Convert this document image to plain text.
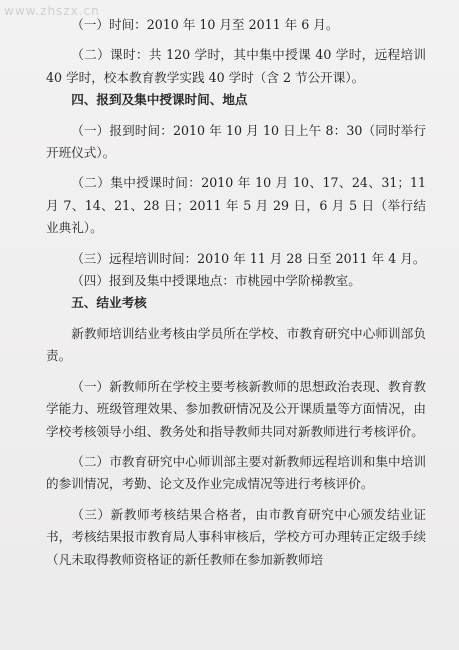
www.zhszx.cn

（一）时间：2010 年 10 月至 2011 年 6 月。

（二）课时：共 120 学时，其中集中授课 40 学时，远程培训 40 学时，校本教育教学实践 40 学时（含 2 节公开课）。

四、报到及集中授课时间、地点

（一）报到时间：2010 年 10 月 10 日上午 8：30（同时举行开班仪式）。

（二）集中授课时间：2010 年 10 月 10、17、24、31；11 月 7、14、21、28 日；2011 年 5 月 29 日，6 月 5 日（举行结业典礼）。

（三）远程培训时间：2010 年 11 月 28 日至 2011 年 4 月。

（四）报到及集中授课地点：市桃园中学阶梯教室。

五、结业考核

新教师培训结业考核由学员所在学校、市教育研究中心师训部负责。

（一）新教师所在学校主要考核新教师的思想政治表现、教育教学能力、班级管理效果、参加教研情况及公开课质量等方面情况，由学校考核领导小组、教务处和指导教师共同对新教师进行考核评价。

（二）市教育研究中心师训部主要对新教师远程培训和集中培训的参训情况，考勤、论文及作业完成情况等进行考核评价。

（三）新教师考核结果合格者，由市教育研究中心颁发结业证书，考核结果报市教育局人事科审核后，学校方可办理转正定级手续（凡未取得教师资格证的新任教师在参加新教师培
